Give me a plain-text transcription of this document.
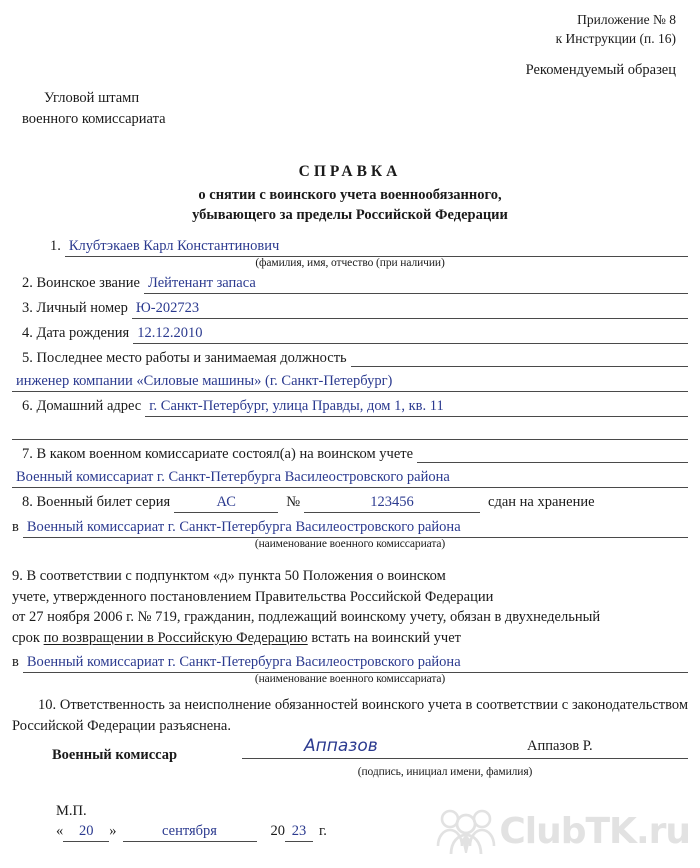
Приложение № 8
к Инструкции (п. 16)
Рекомендуемый образец
Угловой штамп
военного комиссариата
СПРАВКА
о снятии с воинского учета военнообязанного,
убывающего за пределы Российской Федерации
1. Клубтэкаев Карл Константинович
(фамилия, имя, отчество (при наличии)
2. Воинское звание Лейтенант запаса
3. Личный номер Ю-202723
4. Дата рождения 12.12.2010
5. Последнее место работы и занимаемая должность
инженер компании «Силовые машины» (г. Санкт-Петербург)
6. Домашний адрес г. Санкт-Петербург, улица Правды, дом 1, кв. 11
7. В каком военном комиссариате состоял(а) на воинском учете
Военный комиссариат г. Санкт-Петербурга Василеостровского района
8. Военный билет серия	АС	№	123456	сдан на хранение
в Военный комиссариат г. Санкт-Петербурга Василеостровского района
(наименование военного комиссариата)
9. В соответствии с подпунктом «д» пункта 50 Положения о воинском
учете, утвержденного постановлением Правительства Российской Федерации
от 27 ноября 2006 г. № 719, гражданин, подлежащий воинскому учету, обязан в двухнедельный
срок по возвращении в Российскую Федерацию встать на воинский учет
в Военный комиссариат г. Санкт-Петербурга Василеостровского района
(наименование военного комиссариата)
10. Ответственность за неисполнение обязанностей воинского учета в соответствии с законодательством Российской Федерации разъяснена.
Военный комиссар	Аппазов	Аппазов Р.
(подпись, инициал имени, фамилия)
М.П.
«	20	»	сентября	20 23 г.	ClubTK.ru
